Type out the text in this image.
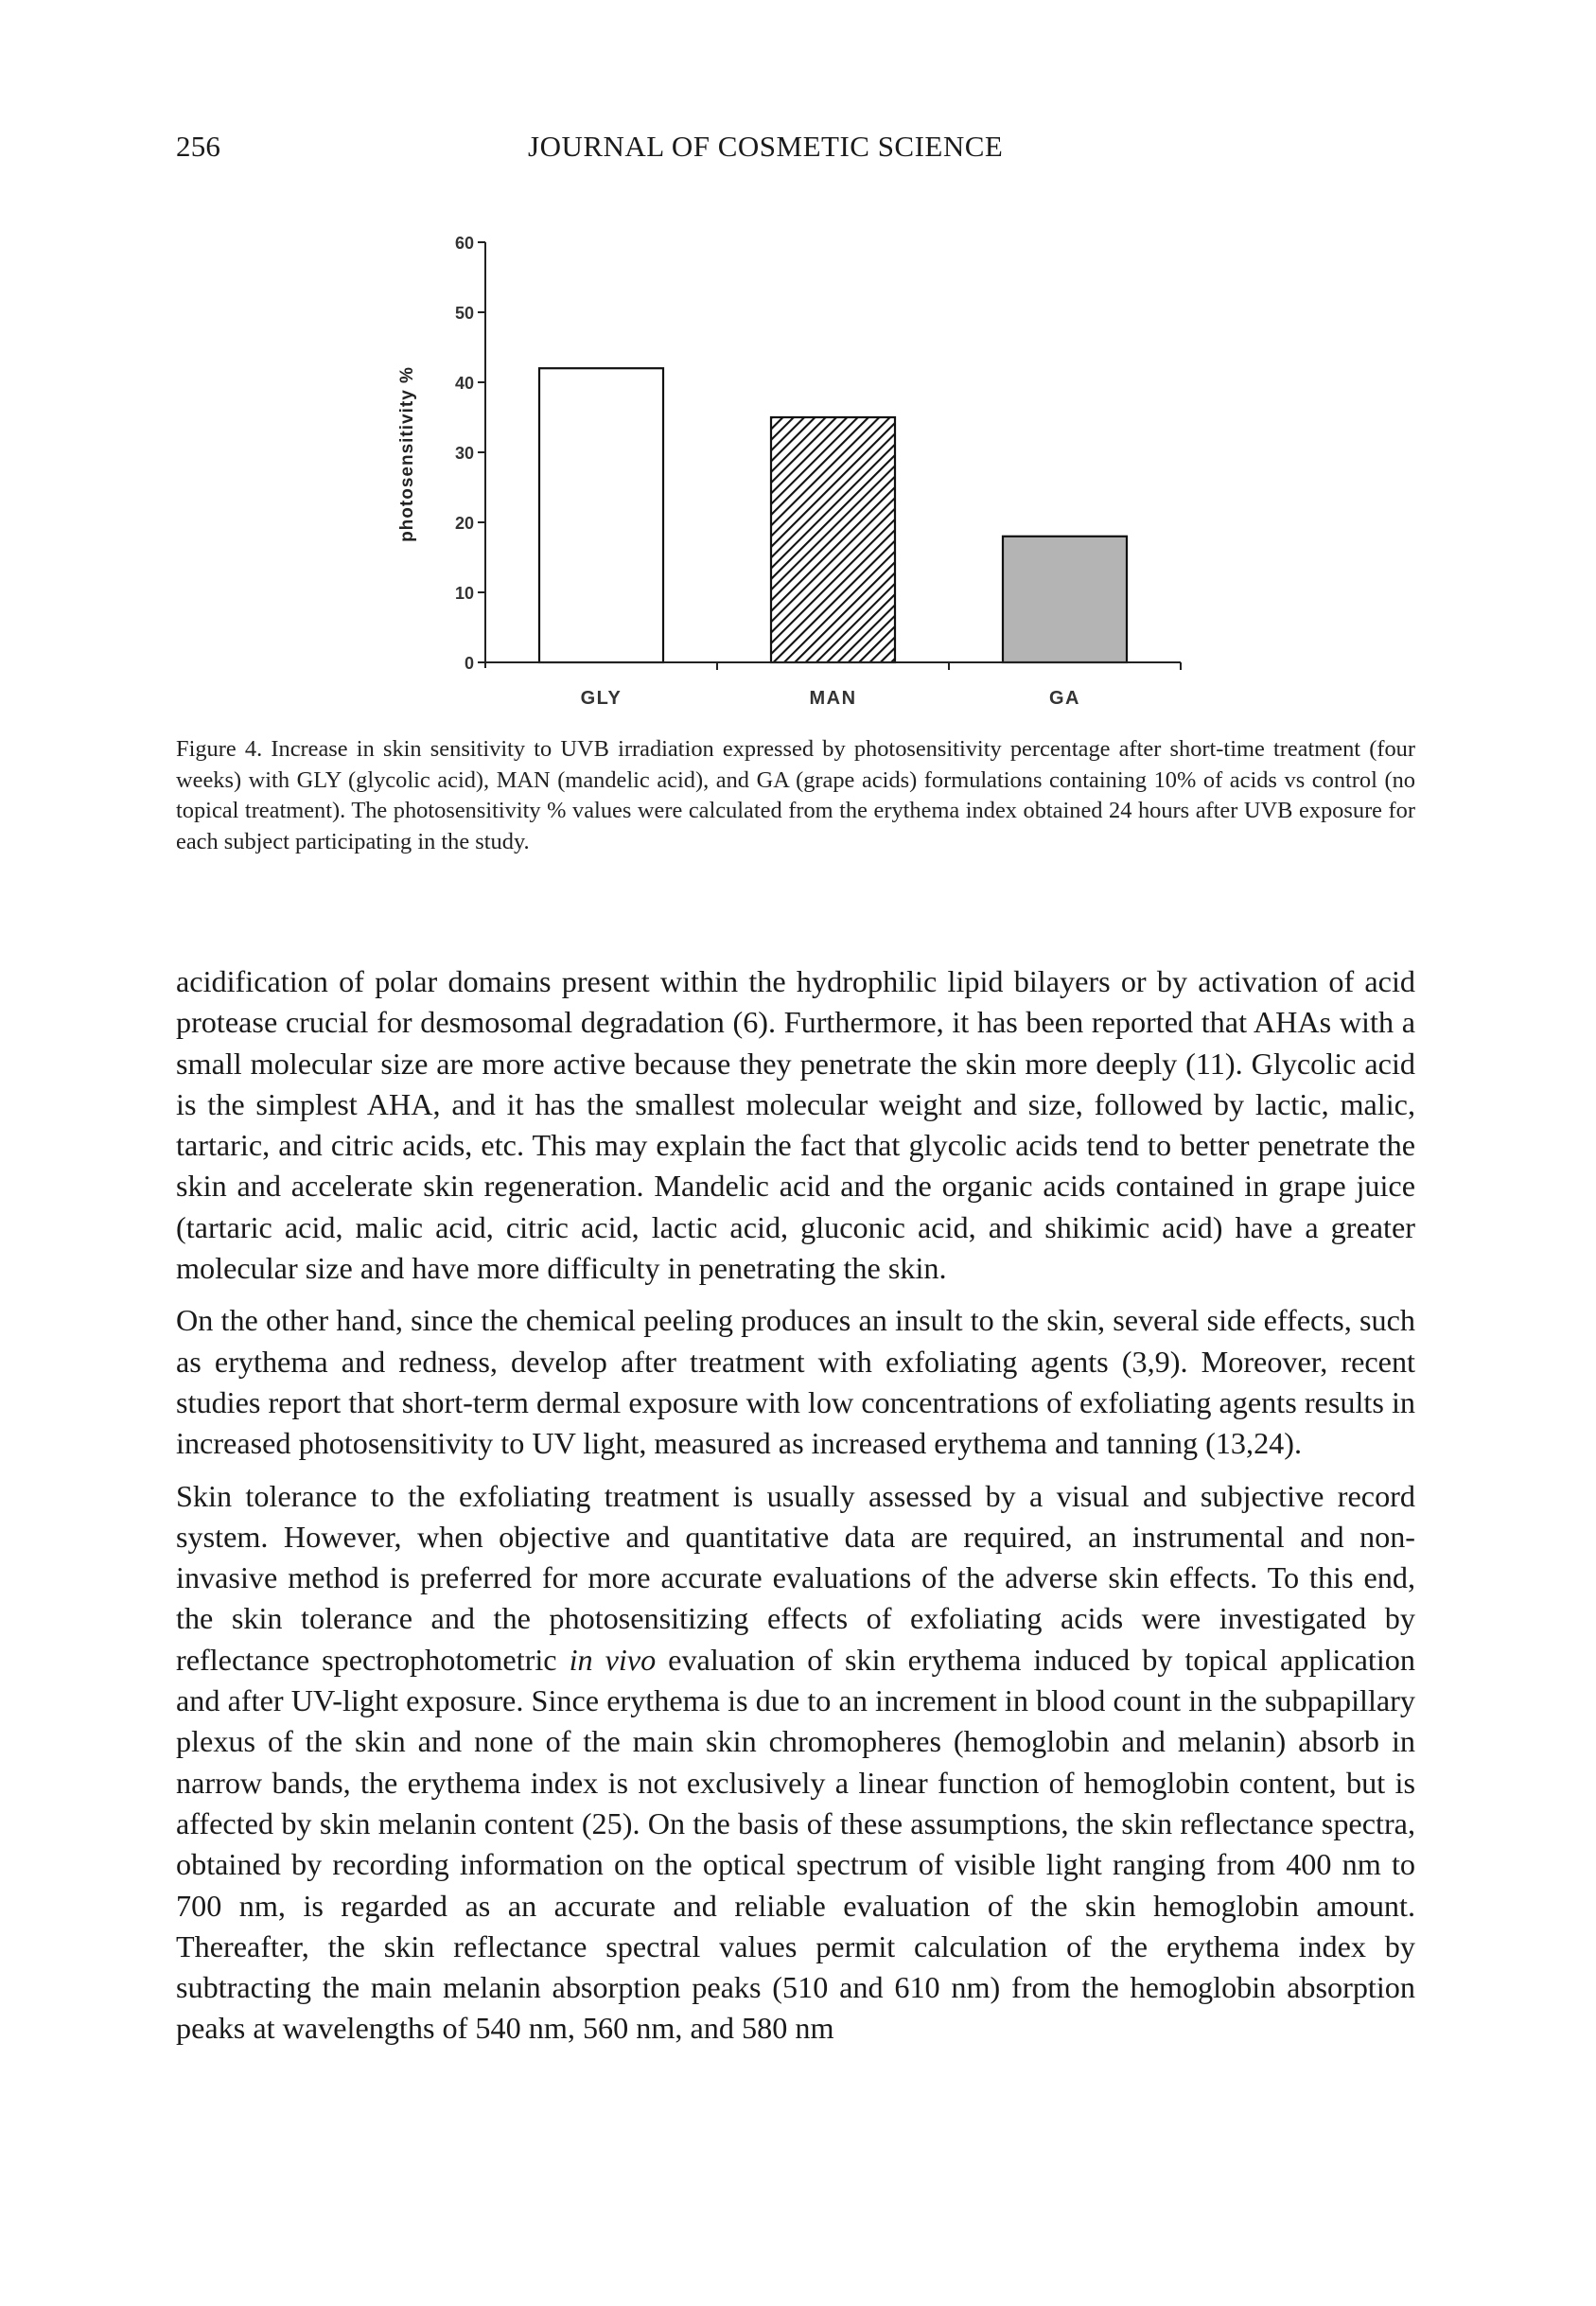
256	JOURNAL OF COSMETIC SCIENCE
photosensitivity %
0
10
20
30
40
50
60
GLY	MAN	GA
Figure 4. Increase in skin sensitivity to UVB irradiation expressed by photosensitivity percentage after short-time treatment (four weeks) with GLY (glycolic acid), MAN (mandelic acid), and GA (grape acids) formulations containing 10% of acids vs control (no topical treatment). The photosensitivity % values were calculated from the erythema index obtained 24 hours after UVB exposure for each subject participating in the study.

acidification of polar domains present within the hydrophilic lipid bilayers or by activation of acid protease crucial for desmosomal degradation (6). Furthermore, it has been reported that AHAs with a small molecular size are more active because they penetrate the skin more deeply (11). Glycolic acid is the simplest AHA, and it has the smallest molecular weight and size, followed by lactic, malic, tartaric, and citric acids, etc. This may explain the fact that glycolic acids tend to better penetrate the skin and accelerate skin regeneration. Mandelic acid and the organic acids contained in grape juice (tartaric acid, malic acid, citric acid, lactic acid, gluconic acid, and shikimic acid) have a greater molecular size and have more difficulty in penetrating the skin.

On the other hand, since the chemical peeling produces an insult to the skin, several side effects, such as erythema and redness, develop after treatment with exfoliating agents (3,9). Moreover, recent studies report that short-term dermal exposure with low concentrations of exfoliating agents results in increased photosensitivity to UV light, measured as increased erythema and tanning (13,24).

Skin tolerance to the exfoliating treatment is usually assessed by a visual and subjective record system. However, when objective and quantitative data are required, an instrumental and non-invasive method is preferred for more accurate evaluations of the adverse skin effects. To this end, the skin tolerance and the photosensitizing effects of exfoliating acids were investigated by reflectance spectrophotometric in vivo evaluation of skin erythema induced by topical application and after UV-light exposure. Since erythema is due to an increment in blood count in the subpapillary plexus of the skin and none of the main skin chromopheres (hemoglobin and melanin) absorb in narrow bands, the erythema index is not exclusively a linear function of hemoglobin content, but is affected by skin melanin content (25). On the basis of these assumptions, the skin reflectance spectra, obtained by recording information on the optical spectrum of visible light ranging from 400 nm to 700 nm, is regarded as an accurate and reliable evaluation of the skin hemoglobin amount. Thereafter, the skin reflectance spectral values permit calculation of the erythema index by subtracting the main melanin absorption peaks (510 and 610 nm) from the hemoglobin absorption peaks at wavelengths of 540 nm, 560 nm, and 580 nm
